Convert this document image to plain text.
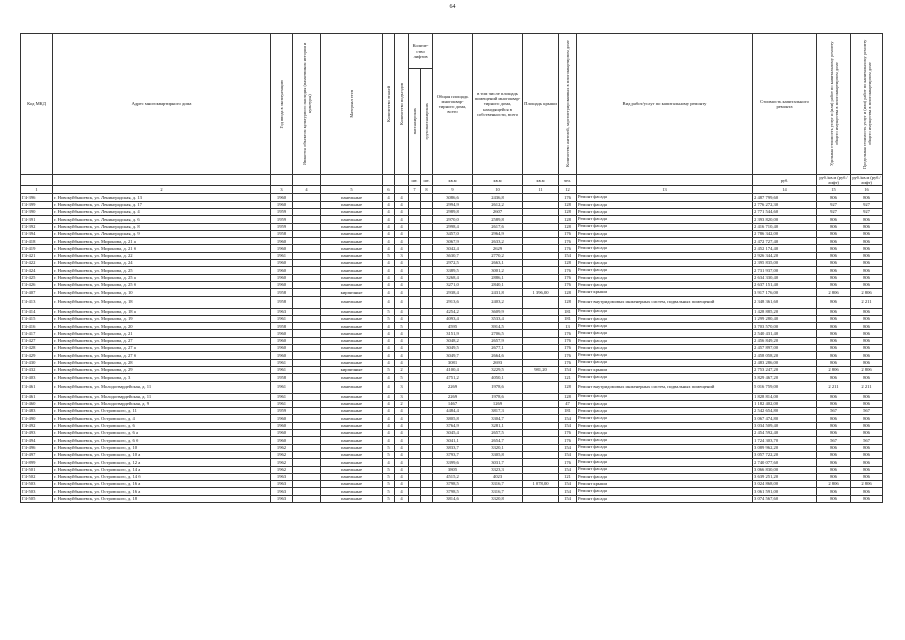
64
Код МКД	Адрес многоквартирного дома	Год ввода в эксплуатацию	Является объектом культурного наследия (памятником истории и культуры)	Материал стен	Количество этажей	Количество подъездов	Количе-ство лифтов		Общая площадь многоквар-тирного дома, всего	в том числе площадь помещений многоквар-тирного дома, находящейся в собственности, всего	Площадь крыши	Количество жителей, зарегистрированных в многоквартирном доме	Вид работ/услуг по капитальному ремонту	Стоимость капитального ремонта	Удельная стоимость услуг и (или) работ по капитальному ремонту общего имущества в многоквартирном доме	Предельная стоимость услуг и (или) работ по капитальному ремонту общего имущества в многоквартирном доме

							пассажирских	грузопассажирских								

							шт.	шт.	кв.м	кв.м	кв.м	чел.		руб.	руб./кв.м (руб./лифт)	руб./кв.м (руб./лифт)
1	2	3	4	5	6		7	8	9	10	11	12	13	14	15	16
Г4-396	г. Новокуйбышевск, ул. Ленинградская, д. 13	1960		панельные	4	4			3086,6	2436,8		176	Ремонт фасада	2 487 799,60	806	806
Г4-399	г. Новокуйбышевск, ул. Ленинградская, д. 17	1960		панельные	4	4			2994,9	2612,2		128	Ремонт фасада	2 776 272,30	927	927
Г4-390	г. Новокуйбышевск, ул. Ленинградская, д. 4	1959		панельные	4	4			2989,8	2607		128	Ремонт фасада	2 771 544,60	927	927
Г4-391	г. Новокуйбышевск, ул. Ленинградская, д. 6	1959		панельные	4	4			2970,0	2589,8		128	Ремонт фасада	2 393 820,00	806	806
Г4-392	г. Новокуйбышевск, ул. Ленинградская, д. 8	1959		панельные	4	4			2998,4	2617,6		128	Ремонт фасада	2 416 710,40	806	806
Г4-394	г. Новокуйбышевск, ул. Ленинградская, д. 9	1958		панельные	4	4			3457,0	2964,9		176	Ремонт фасада	2 786 342,00	806	806
Г4-418	г. Новокуйбышевск, ул. Миронова, д. 21 а	1960		панельные	4	4			3067,9	2633,2		176	Ремонт фасада	2 472 727,40	806	806
Г4-419	г. Новокуйбышевск, ул. Миронова, д. 21 б	1960		панельные	4	4			3042,4	2629		176	Ремонт фасада	2 452 174,40	806	806
Г4-421	г. Новокуйбышевск, ул. Миронова, д. 22	1961		панельные	5	3			3630,7	2770,2		154	Ремонт фасада	2 926 344,20	806	806
Г4-422	г. Новокуйбышевск, ул. Миронова, д. 24	1960		панельные	4	4			2972,5	2663,1		128	Ремонт фасада	2 395 835,00	806	806
Г4-424	г. Новокуйбышевск, ул. Миронова, д. 25	1960		панельные	4	4			3389,5	3001,2		176	Ремонт фасада	2 731 937,00	806	806
Г4-425	г. Новокуйбышевск, ул. Миронова, д. 25 а	1960		панельные	4	4			3268,4	2886,1		176	Ремонт фасада	2 634 330,40	806	806
Г4-426	г. Новокуйбышевск, ул. Миронова, д. 25 б	1960		панельные	4	4			3271,0	2840,1		176	Ремонт фасада	2 637 151,40	806	806
Г4-407	г. Новокуйбышевск, ул. Миронова, д. 10	1958		кирпичные	4	4			2938,4	2431,8	1 396,00	128	Ремонт крыши	3 917 176,00	2 806	2 806
Г4-413	г. Новокуйбышевск, ул. Миронова, д. 18	1958		панельные	4	4			2913,6	2403,2		128	Ремонт внутридомовых инженерных систем, подвальных помещений	2 348 361,60	806	2 211
Г4-414	г. Новокуйбышевск, ул. Миронова, д. 18 а	1963		панельные	5	4			4254,2	3609,9		181	Ремонт фасада	1 428 885,20	806	806
Г4-415	г. Новокуйбышевск, ул. Миронова, д. 19	1961		панельные	5	4			4093,4	3533,4		181	Ремонт фасада	1 299 280,40	806	806
Г4-416	г. Новокуйбышевск, ул. Миронова, д. 20	1958		панельные	4	5			4595	3914,5		13	Ремонт фасада	3 703 570,00	806	806
Г4-417	г. Новокуйбышевск, ул. Миронова, д. 21	1960		панельные	4	4			3151,9	2706,5		176	Ремонт фасада	2 540 431,40	806	806
Г4-427	г. Новокуйбышевск, ул. Миронова, д. 27	1960		панельные	4	4			3048,2	2657,9		176	Ремонт фасада	2 456 849,20	806	806
Г4-428	г. Новокуйбышевск, ул. Миронова, д. 27 а	1960		панельные	4	4			3049,5	2677,1		176	Ремонт фасада	2 457 897,00	806	806
Г4-429	г. Новокуйбышевск, ул. Миронова, д. 27 б	1960		панельные	4	4			3049,7	2664,6		176	Ремонт фасада	2 458 058,20	806	806
Г4-430	г. Новокуйбышевск, ул. Миронова, д. 28	1961		панельные	4	4			3081	2693		176	Ремонт фасада	2 483 286,00	806	806
Г4-432	г. Новокуйбышевск, ул. Миронова, д. 29	1961		кирпичные	5	2			4100,4	3229,5	981,20	154	Ремонт крыши	2 753 247,20	2 806	2 806
Г4-403	г. Новокуйбышевск, ул. Миронова, д. 3	1958		панельные	4	5			4751,2	4050,1		121	Ремонт фасада	3 829 467,20	806	806
Г4-461	г. Новокуйбышевск, ул. Молодогвардейская, д. 11	1961		панельные	4	3			2269	1978,6		128	Ремонт внутридомовых инженерных систем, подвальных помещений	5 016 759,00	2 211	2 211
Г4-461	г. Новокуйбышевск, ул. Молодогвардейская, д. 11	1961		панельные	4	3			2269	1978,6		128	Ремонт фасада	1 828 814,00	806	806
Г4-460	г. Новокуйбышевск, ул. Молодогвардейская, д. 9	1961		панельные	4	2			1467	1269		47	Ремонт фасада	1 182 402,00	806	806
Г4-483	г. Новокуйбышевск, ул. Островского, д. 11	1959		панельные	4	4			4484,4	3817,3		181	Ремонт фасада	2 542 654,80	567	567
Г4-490	г. Новокуйбышевск, ул. Островского, д. 4	1960		панельные	4	4			3805,8	3304,7		154	Ремонт фасада	3 067 474,80	806	806
Г4-492	г. Новокуйбышевск, ул. Островского, д. 6	1960		панельные	4	4			3764,9	3281,1		154	Ремонт фасада	3 034 509,40	806	806
Г4-493	г. Новокуйбышевск, ул. Островского, д. 6 а	1960		панельные	4	4			3045,4	2657,5		176	Ремонт фасада	2 454 592,40	806	806
Г4-494	г. Новокуйбышевск, ул. Островского, д. 6 б	1960		панельные	4	4			3041,1	2654,7		176	Ремонт фасада	1 724 303,70	567	567
Г4-496	г. Новокуйбышевск, ул. Островского, д. 10	1962		панельные	5	4			3833,7	3320,1		154	Ремонт фасада	3 089 962,20	806	806
Г4-497	г. Новокуйбышевск, ул. Островского, д. 10 а	1962		панельные	5	4			3793,7	3305,8		154	Ремонт фасада	3 057 722,20	806	806
Г4-899	г. Новокуйбышевск, ул. Островского, д. 12 а	1962		панельные	4	4			3399,6	3031,7		176	Ремонт фасада	2 740 077,60	806	806
Г4-501	г. Новокуйбышевск, ул. Островского, д. 14 а	1962		панельные	5	4			3805	3323,3		154	Ремонт фасада	3 066 830,00	806	806
Г4-502	г. Новокуйбышевск, ул. Островского, д. 14 б	1963		панельные	5	4			4515,2	4023		121	Ремонт фасада	3 639 251,20	806	806
Г4-503	г. Новокуйбышевск, ул. Островского, д. 16 а	1963		панельные	5	4			3798,5	3316,7	1 078,00	154	Ремонт крыши	3 024 868,00	2 806	2 806
Г4-503	г. Новокуйбышевск, ул. Островского, д. 16 а	1963		панельные	5	4			3798,5	3316,7		154	Ремонт фасада	3 061 591,00	806	806
Г4-505	г. Новокуйбышевск, ул. Островского, д. 18	1963		панельные	5	4			3814,6	3320,8		154	Ремонт фасада	3 074 567,60	806	806
